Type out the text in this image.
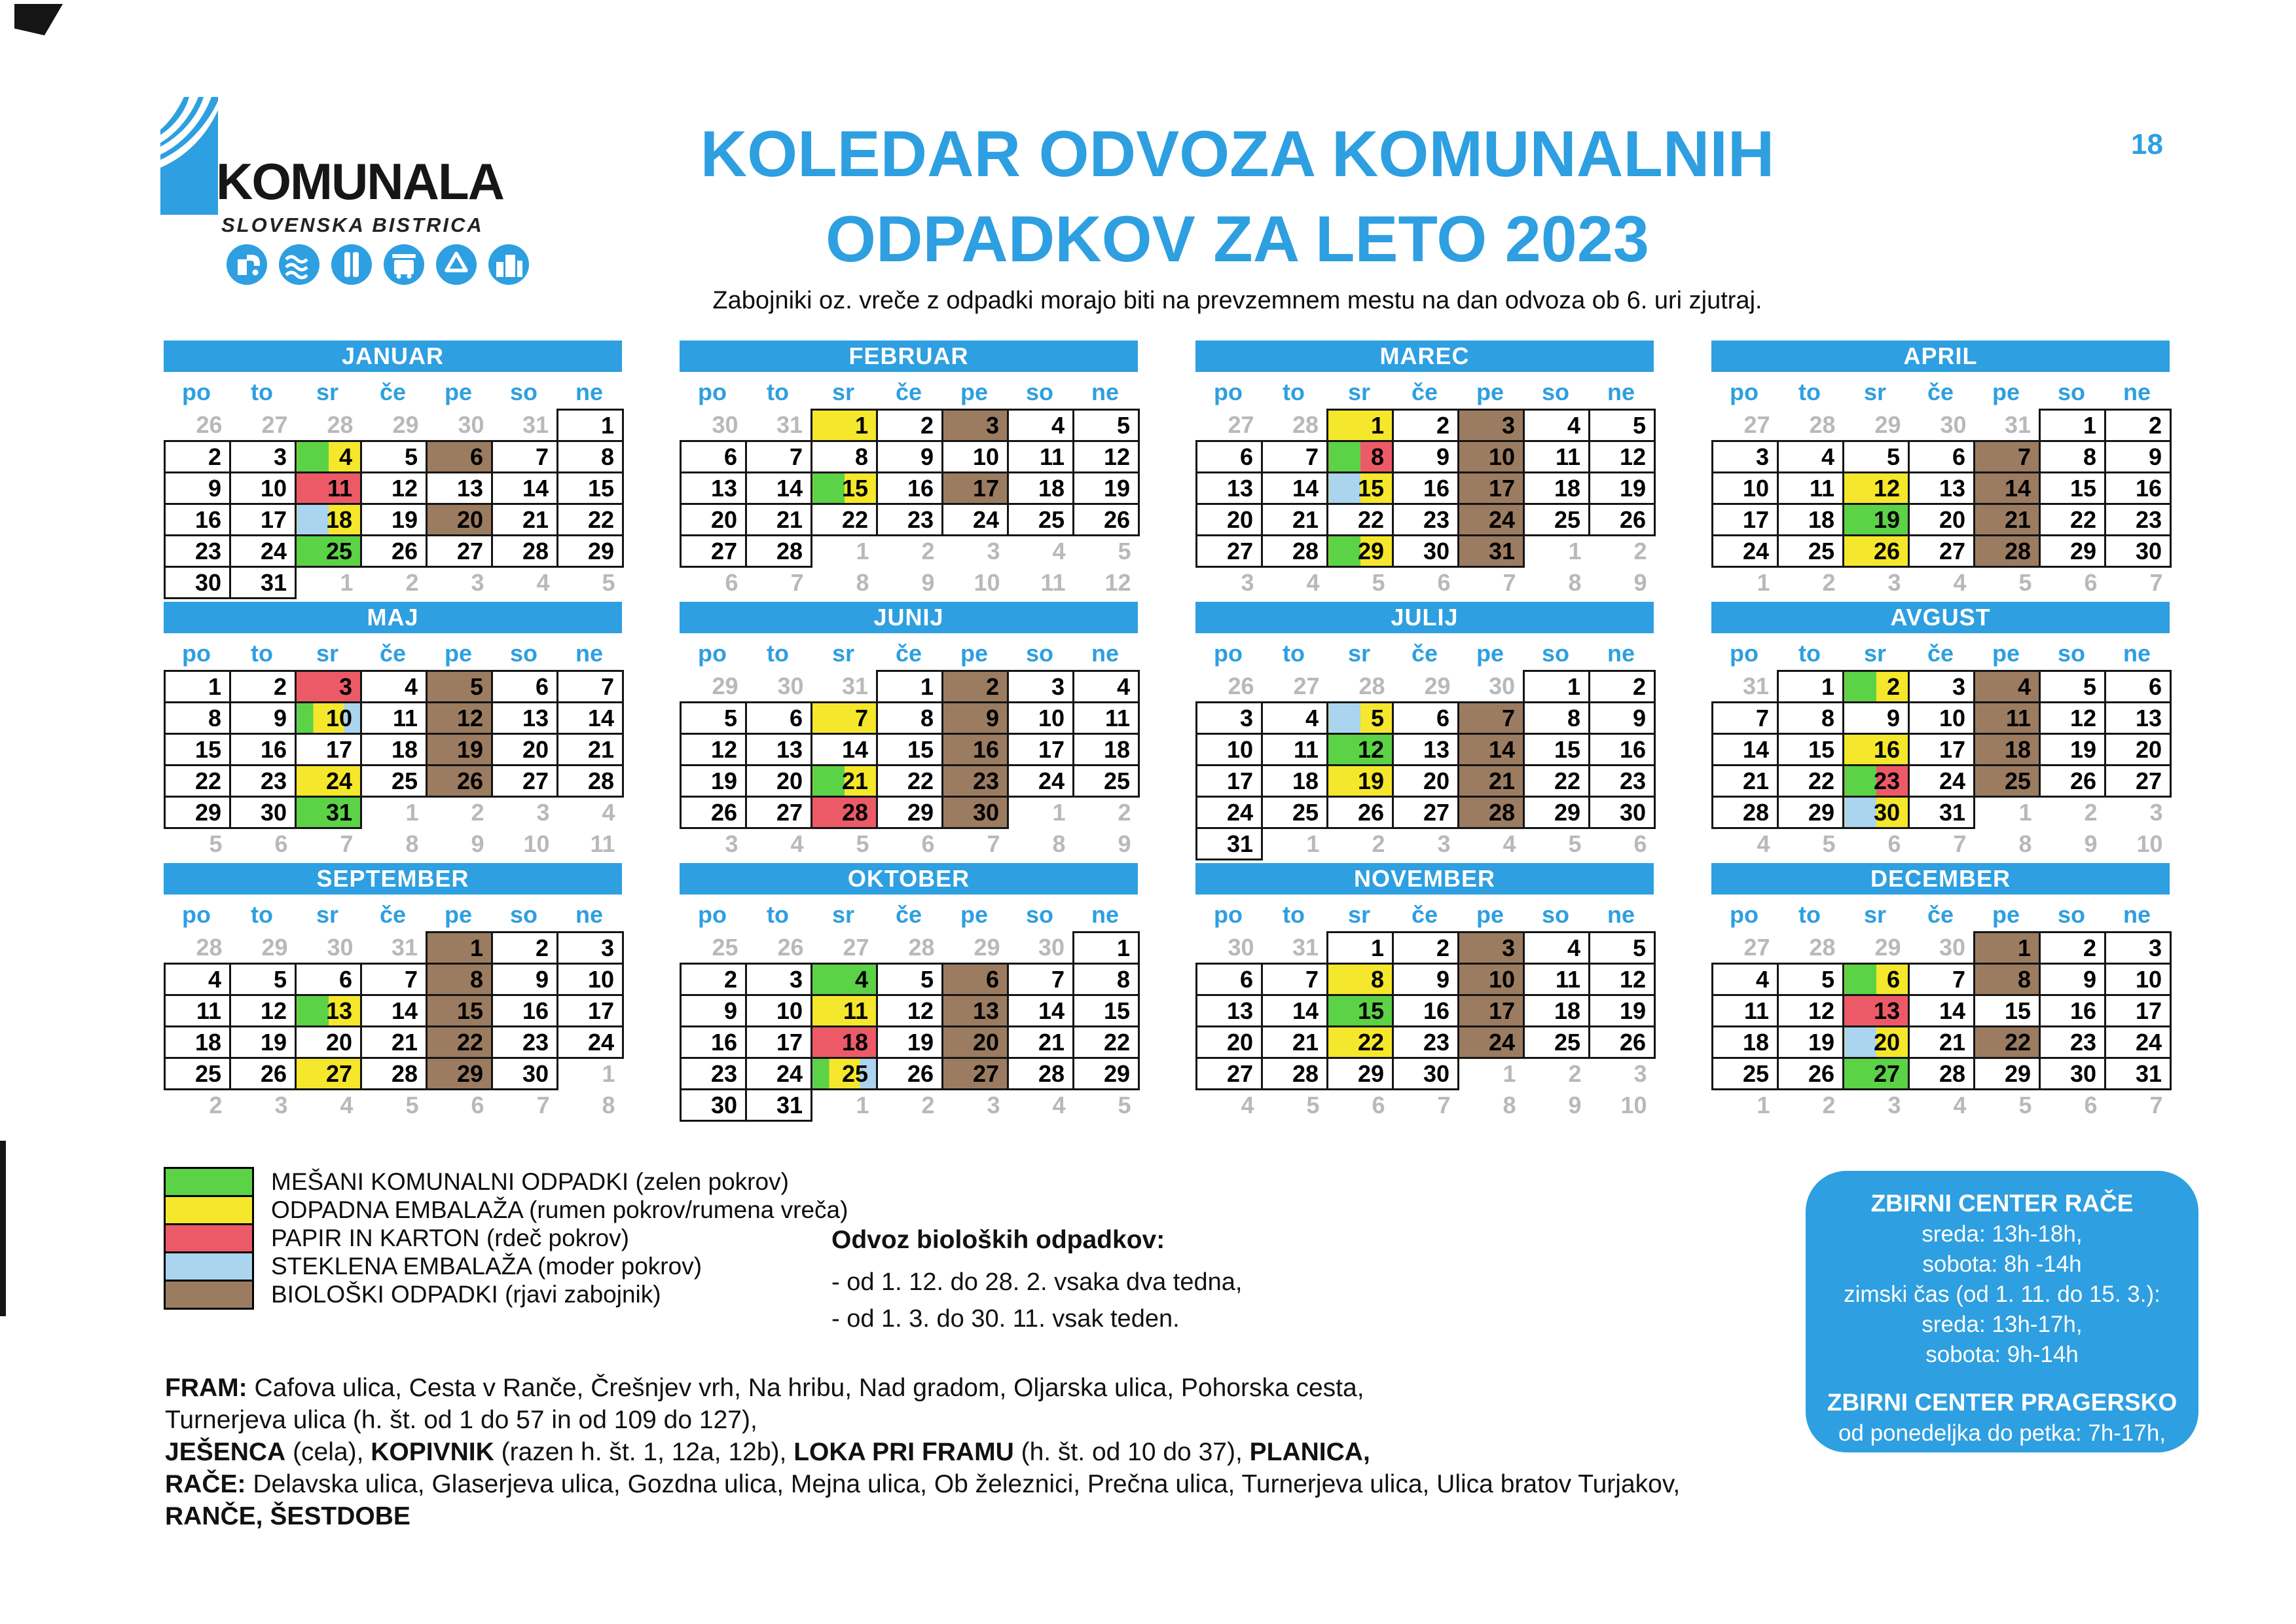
KOMUNALA
SLOVENSKA BISTRICA
KOLEDAR ODVOZA KOMUNALNIH
ODPADKOV ZA LETO 2023
Zabojniki oz. vreče z odpadki morajo biti na prevzemnem mestu na dan odvoza ob 6. uri zjutraj.
18
JANUAR
po	to	sr	če	pe	so	ne
26	27	28	29	30	31	1
2	3	4	5	6	7	8
9	10	11	12	13	14	15
16	17	18	19	20	21	22
23	24	25	26	27	28	29
30	31	1	2	3	4	5
FEBRUAR
po	to	sr	če	pe	so	ne
30	31	1	2	3	4	5
6	7	8	9	10	11	12
13	14	15	16	17	18	19
20	21	22	23	24	25	26
27	28	1	2	3	4	5
6	7	8	9	10	11	12
MAREC
po	to	sr	če	pe	so	ne
27	28	1	2	3	4	5
6	7	8	9	10	11	12
13	14	15	16	17	18	19
20	21	22	23	24	25	26
27	28	29	30	31	1	2
3	4	5	6	7	8	9
APRIL
po	to	sr	če	pe	so	ne
27	28	29	30	31	1	2
3	4	5	6	7	8	9
10	11	12	13	14	15	16
17	18	19	20	21	22	23
24	25	26	27	28	29	30
1	2	3	4	5	6	7
MAJ
po	to	sr	če	pe	so	ne
1	2	3	4	5	6	7
8	9	10	11	12	13	14
15	16	17	18	19	20	21
22	23	24	25	26	27	28
29	30	31	1	2	3	4
5	6	7	8	9	10	11
JUNIJ
po	to	sr	če	pe	so	ne
29	30	31	1	2	3	4
5	6	7	8	9	10	11
12	13	14	15	16	17	18
19	20	21	22	23	24	25
26	27	28	29	30	1	2
3	4	5	6	7	8	9
JULIJ
po	to	sr	če	pe	so	ne
26	27	28	29	30	1	2
3	4	5	6	7	8	9
10	11	12	13	14	15	16
17	18	19	20	21	22	23
24	25	26	27	28	29	30
31	1	2	3	4	5	6
AVGUST
po	to	sr	če	pe	so	ne
31	1	2	3	4	5	6
7	8	9	10	11	12	13
14	15	16	17	18	19	20
21	22	23	24	25	26	27
28	29	30	31	1	2	3
4	5	6	7	8	9	10
SEPTEMBER
po	to	sr	če	pe	so	ne
28	29	30	31	1	2	3
4	5	6	7	8	9	10
11	12	13	14	15	16	17
18	19	20	21	22	23	24
25	26	27	28	29	30	1
2	3	4	5	6	7	8
OKTOBER
po	to	sr	če	pe	so	ne
25	26	27	28	29	30	1
2	3	4	5	6	7	8
9	10	11	12	13	14	15
16	17	18	19	20	21	22
23	24	25	26	27	28	29
30	31	1	2	3	4	5
NOVEMBER
po	to	sr	če	pe	so	ne
30	31	1	2	3	4	5
6	7	8	9	10	11	12
13	14	15	16	17	18	19
20	21	22	23	24	25	26
27	28	29	30	1	2	3
4	5	6	7	8	9	10
DECEMBER
po	to	sr	če	pe	so	ne
27	28	29	30	1	2	3
4	5	6	7	8	9	10
11	12	13	14	15	16	17
18	19	20	21	22	23	24
25	26	27	28	29	30	31
1	2	3	4	5	6	7
MEŠANI KOMUNALNI ODPADKI (zelen pokrov)
ODPADNA EMBALAŽA (rumen pokrov/rumena vreča)
PAPIR IN KARTON (rdeč pokrov)
STEKLENA EMBALAŽA (moder pokrov)
BIOLOŠKI ODPADKI (rjavi zabojnik)

Odvoz bioloških odpadkov:

- od 1. 12. do 28. 2. vsaka dva tedna,

- od 1. 3. do 30. 11. vsak teden.

ZBIRNI CENTER RAČE

sreda: 13h-18h,

sobota: 8h -14h

zimski čas (od 1. 11. do 15. 3.):

sreda: 13h-17h,

sobota: 9h-14h

ZBIRNI CENTER PRAGERSKO

od ponedeljka do petka: 7h-17h,

sobota: 7h-15h

FRAM: Cafova ulica, Cesta v Ranče, Črešnjev vrh, Na hribu, Nad gradom, Oljarska ulica, Pohorska cesta,

Turnerjeva ulica (h. št. od 1 do 57 in od 109 do 127),

JEŠENCA (cela), KOPIVNIK (razen h. št. 1, 12a, 12b), LOKA PRI FRAMU (h. št. od 10 do 37), PLANICA,

RAČE: Delavska ulica, Glaserjeva ulica, Gozdna ulica, Mejna ulica, Ob železnici, Prečna ulica, Turnerjeva ulica, Ulica bratov Turjakov,

RANČE, ŠESTDOBE
